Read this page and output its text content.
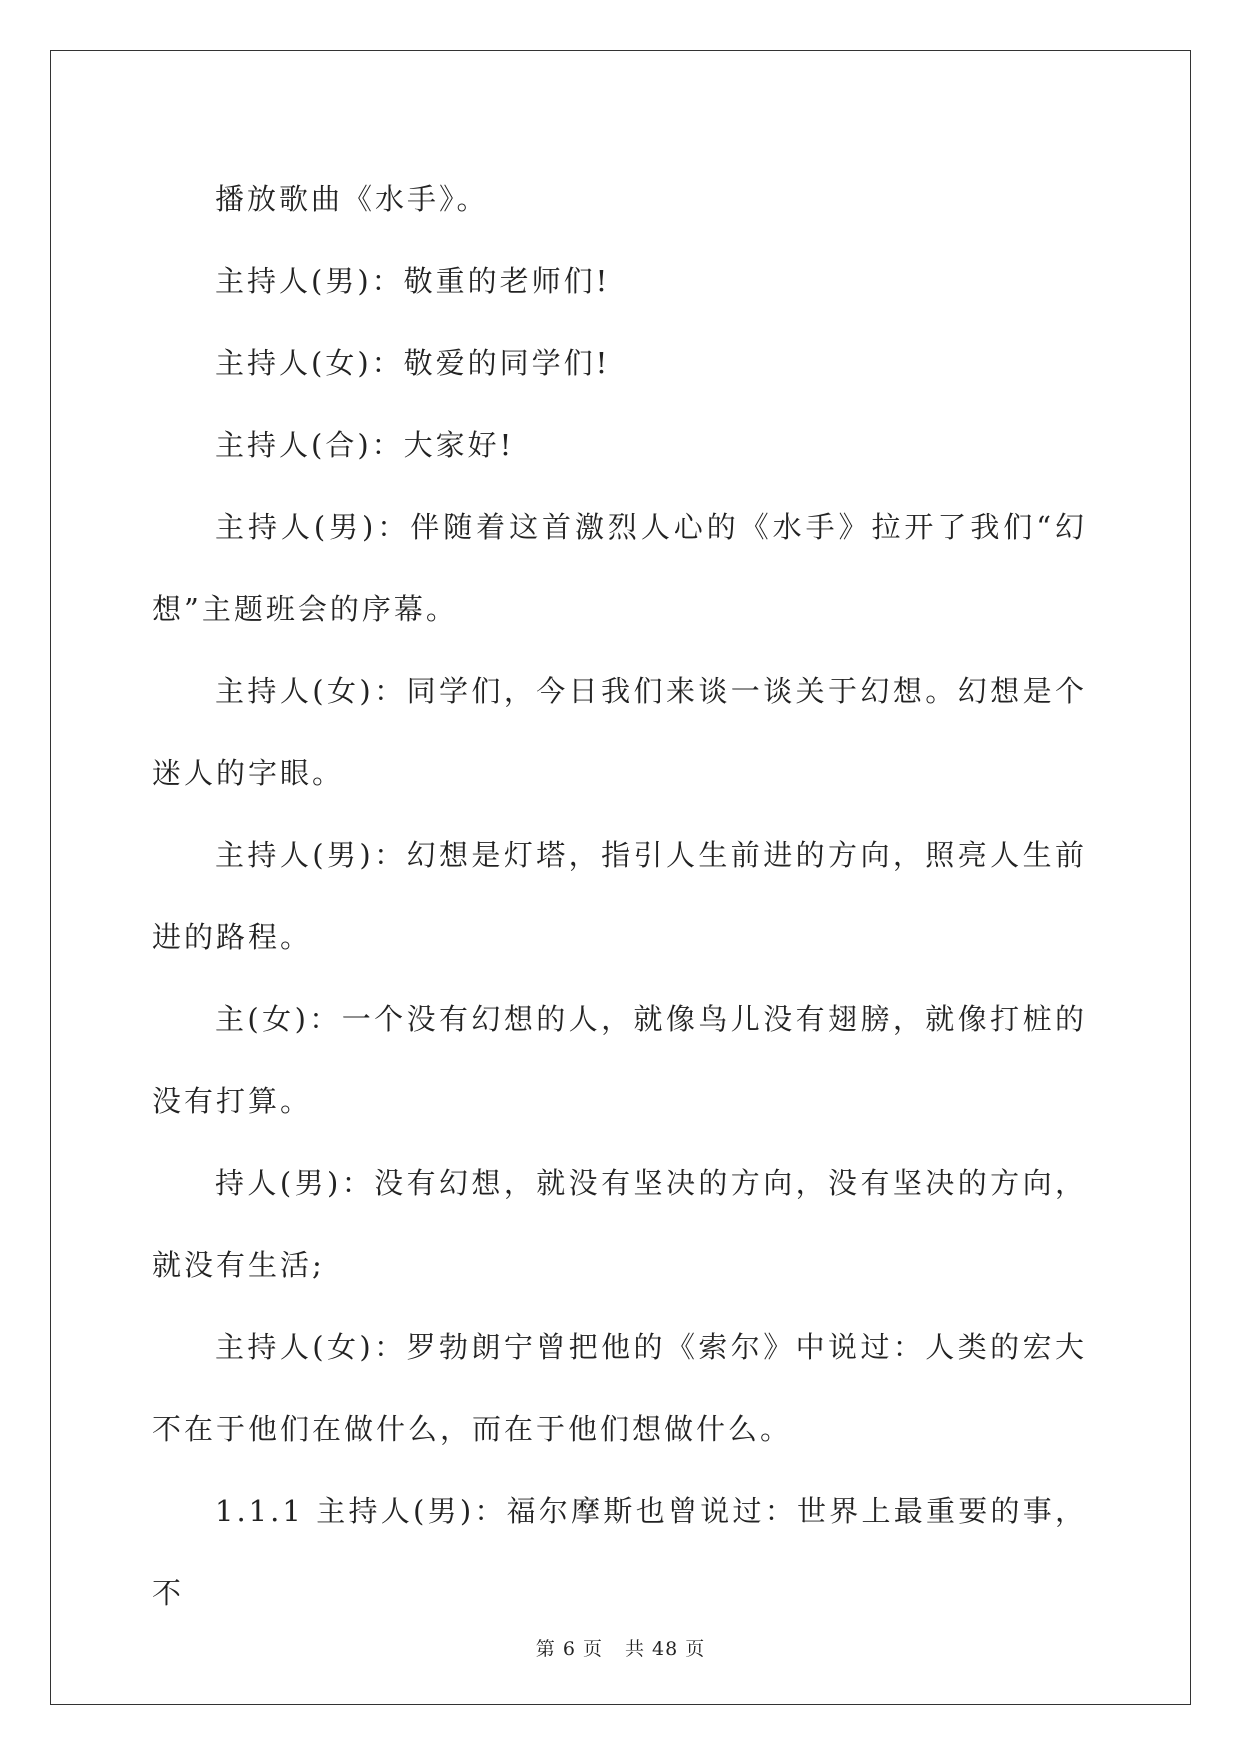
播放歌曲《水手》。

主持人(男)：敬重的老师们!

主持人(女)：敬爱的同学们!

主持人(合)：大家好!

主持人(男)：伴随着这首激烈人心的《水手》拉开了我们“幻想”主题班会的序幕。

主持人(女)：同学们，今日我们来谈一谈关于幻想。幻想是个迷人的字眼。

主持人(男)：幻想是灯塔，指引人生前进的方向，照亮人生前进的路程。

主(女)：一个没有幻想的人，就像鸟儿没有翅膀，就像打桩的没有打算。

持人(男)：没有幻想，就没有坚决的方向，没有坚决的方向，就没有生活;

主持人(女)：罗勃朗宁曾把他的《索尔》中说过：人类的宏大不在于他们在做什么，而在于他们想做什么。

1.1.1 主持人(男)：福尔摩斯也曾说过：世界上最重要的事，不

第 6 页 共 48 页
